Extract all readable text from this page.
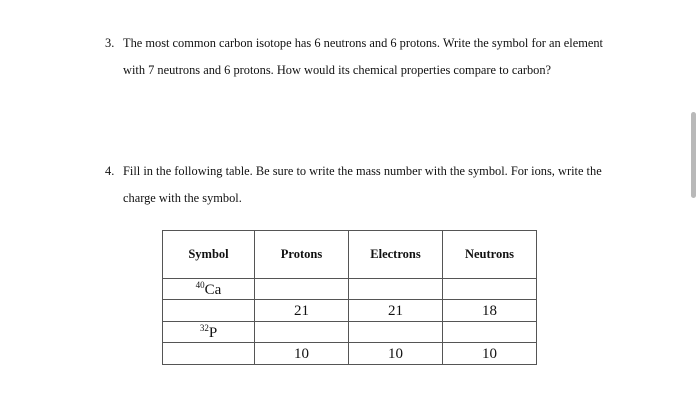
3. The most common carbon isotope has 6 neutrons and 6 protons. Write the symbol for an element
with 7 neutrons and 6 protons. How would its chemical properties compare to carbon?
4. Fill in the following table. Be sure to write the mass number with the symbol. For ions, write the
charge with the symbol.
Symbol	Protons	Electrons	Neutrons
$^{40}$Ca			
	21	21	18
$^{32}$P			
	10	10	10
